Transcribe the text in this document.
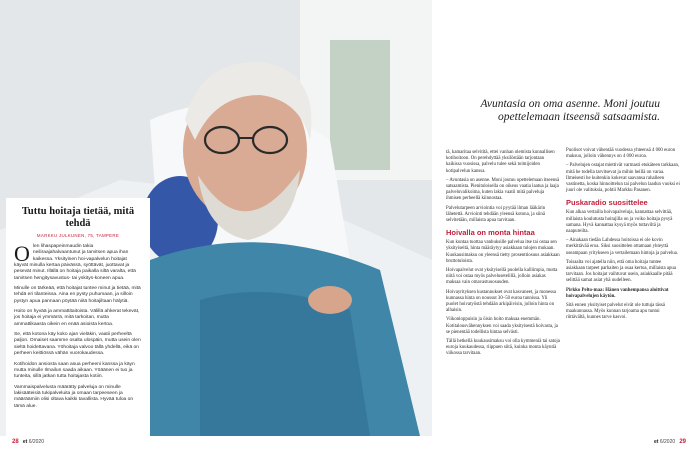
Tuttu hoitaja tietää, mitä tehdä
MARKKU JULKUNEN, 75, TAMPERE

Olen lihaspapeinmaudin takia neiliraajahalvaantunut ja tarvitsen apua ihan kaikessa. Yksityinen hoi-vapalvelun hoitajat käyvät minulla kertaa päivässä, syöttävät, juottavat ja pesevät minut. Illällä on hoitaja paikalla siltä varalta, että tarvitsen hengitysavustus- tai yskitys-koneen apua.

Minulle on tärkeää, että hoitajat tuntee minut ja tietää, mitä tehdä eri tilanteissa. Aina en pysty puhumaan, ja silloin pystyn apua pannaan pöytää niitä hoitajiltaan hälytiä.

Hoito on hyvää ja ammattitaitoista. Välillä ahkerat tekevät, jos hoitaja ei ymmärrä, mitä tarkoitan, mutta ammattikaasta oikein en enää asioista kertoa.

Se, että kotona käy koko ajan vieläkin, vaatii perheeltä paljon. Omaiset saamme osalta ulospäin, mutta usein olen sieltä hoidettavana. Yöhoitaja valvoo tällä yhdellä, eikä on perheen keittiössä vähän vuorokaudessa.

Kotihoidon ansiosta saan asua perheeni kanssa ja käyn mutta minulle Ilmailun saada aikaan. Yöäänen ei tuo ja tunteita, sillä jatkan tutta hoitajasta kotiin.

Vammaispalvelusta määrätty palveluja on minulle lakisääteisiä tukipalveluita ja omaan tarpeeseen ja määräämiin olisi oltava kaikki tavallista. Hyvää tuloa on tämä alue.

Avuntasia on oma asenne. Moni joutuu opettelemaan itseensä satsaamista.

tä, kamaritaa selvititä, ettei vanhan olemista kunnallisen kotihoitoon. On perehdyttää yksilöstään tarjontaan kaikissa vuosissa, palvelu tulee sekä toimijoiden kotipalvelun kanssa.

– Avuntasia on asenne. Moni joutuu opettelemaan itseensä satsaamista. Pienituloisella on oikeus vaatia laatua ja laaja palveluvalikoima, kuten lakia vaatii mitä palveluja ihmisen perheellä kiinnostaa.

Palvelutarpeen arviointia voi pyytää ilman lääkärin lähetettä. Arviointi tehdään yleensä kotona, ja siinä selvitetään, millaista apua tarvitaan.

Hoivalla on monta hintaa

Kun kuntaa tuottaa vanhuksille palvelua itse tai ostaa sen yksityiseltä, hinta määräytyy asiakkaan tulojen mukaan. Kuukausimaksu on yleensä tietty prosenttiosuus asiakkaan bruttotuloista.

Hoivapalvelut ovat yksityisellä puolella kalliimpia, mutta niitä voi ostaa myös palvelusetelillä, jolloin asiakas maksaa vain omavastuuosuuden.

Hoivayrityksen kustannukset ovat kasvaneet, ja monessa kunnassa hinta on noussut 30–50 euroa tunnissa. Yli puolet hoivatyöstä tehdään arkipäivisin, jolloin hinta on alhaisin.

Viikonloppuisin ja öisin hoito maksaa enemmän. Kotitalousvähennyksen voi saada yksityisestä hoivasta, ja se pienentää todellista hintaa selvästi.

Tällä hetkellä kuukausimaksu voi olla kymmeniä tai satoja euroja kuukaudessa, riippuen siitä, kuinka monta käyntiä viikossa tarvitaan.

Puolisot voivat vähentää vuodessa yhteensä 4 000 euron maksuu, jolloin vähennys on 4 000 euroa.

– Palvelujen ostajat miettivät varmasti etukäteen tarkkaan, mitä he todella tarvitsevat ja mihin heillä on varaa. Ilmeisesti he kuitenkin kokevat saavansa rahalleen vastinetta, koska hinnoittelun tai palvelun laadun vuoksi ei juuri ole valituksia, pohtii Markku Pasanen.

Puskaradio suosittelee

Kun alkaa vertailla hoivapalveluja, kannattaa selvittää, millaista koulutusta hoitajilla on ja voiko hoitaja pysyä samana. Hyvä kannattaa kysyä myös tuttaviltä ja naapureilta.

– Ainakaan tiedän Lahdessa hoitoissa ei ole kovin merkittävää eroa. Siksi suosittelen ottamaan yhteyttä useampaan yritykseen ja vertailemaan hintoja ja palvelua.

Toisaalta voi ajatella niin, että oma hoitaja tuntee asiakkaan tarpeet parhaiten ja osaa kertoa, millaista apua tarvitaan. Jos hoitajat vaihtuvat usein, asiakkaalle pitää selittää samat asiat yhä uudelleen.

Pirkko Pelto-maa: Hänen vanhempansa aloittivat hoivapalvelujen käytön.

Sitä ennen yksityiset palvelut eivät ole tuttuja tässä maakunnassa. Myös kunnan tarjoama apu tuntui riittävältä, kunnes tarve kasvoi.

28 et 6/2020	et 6/2020 29
